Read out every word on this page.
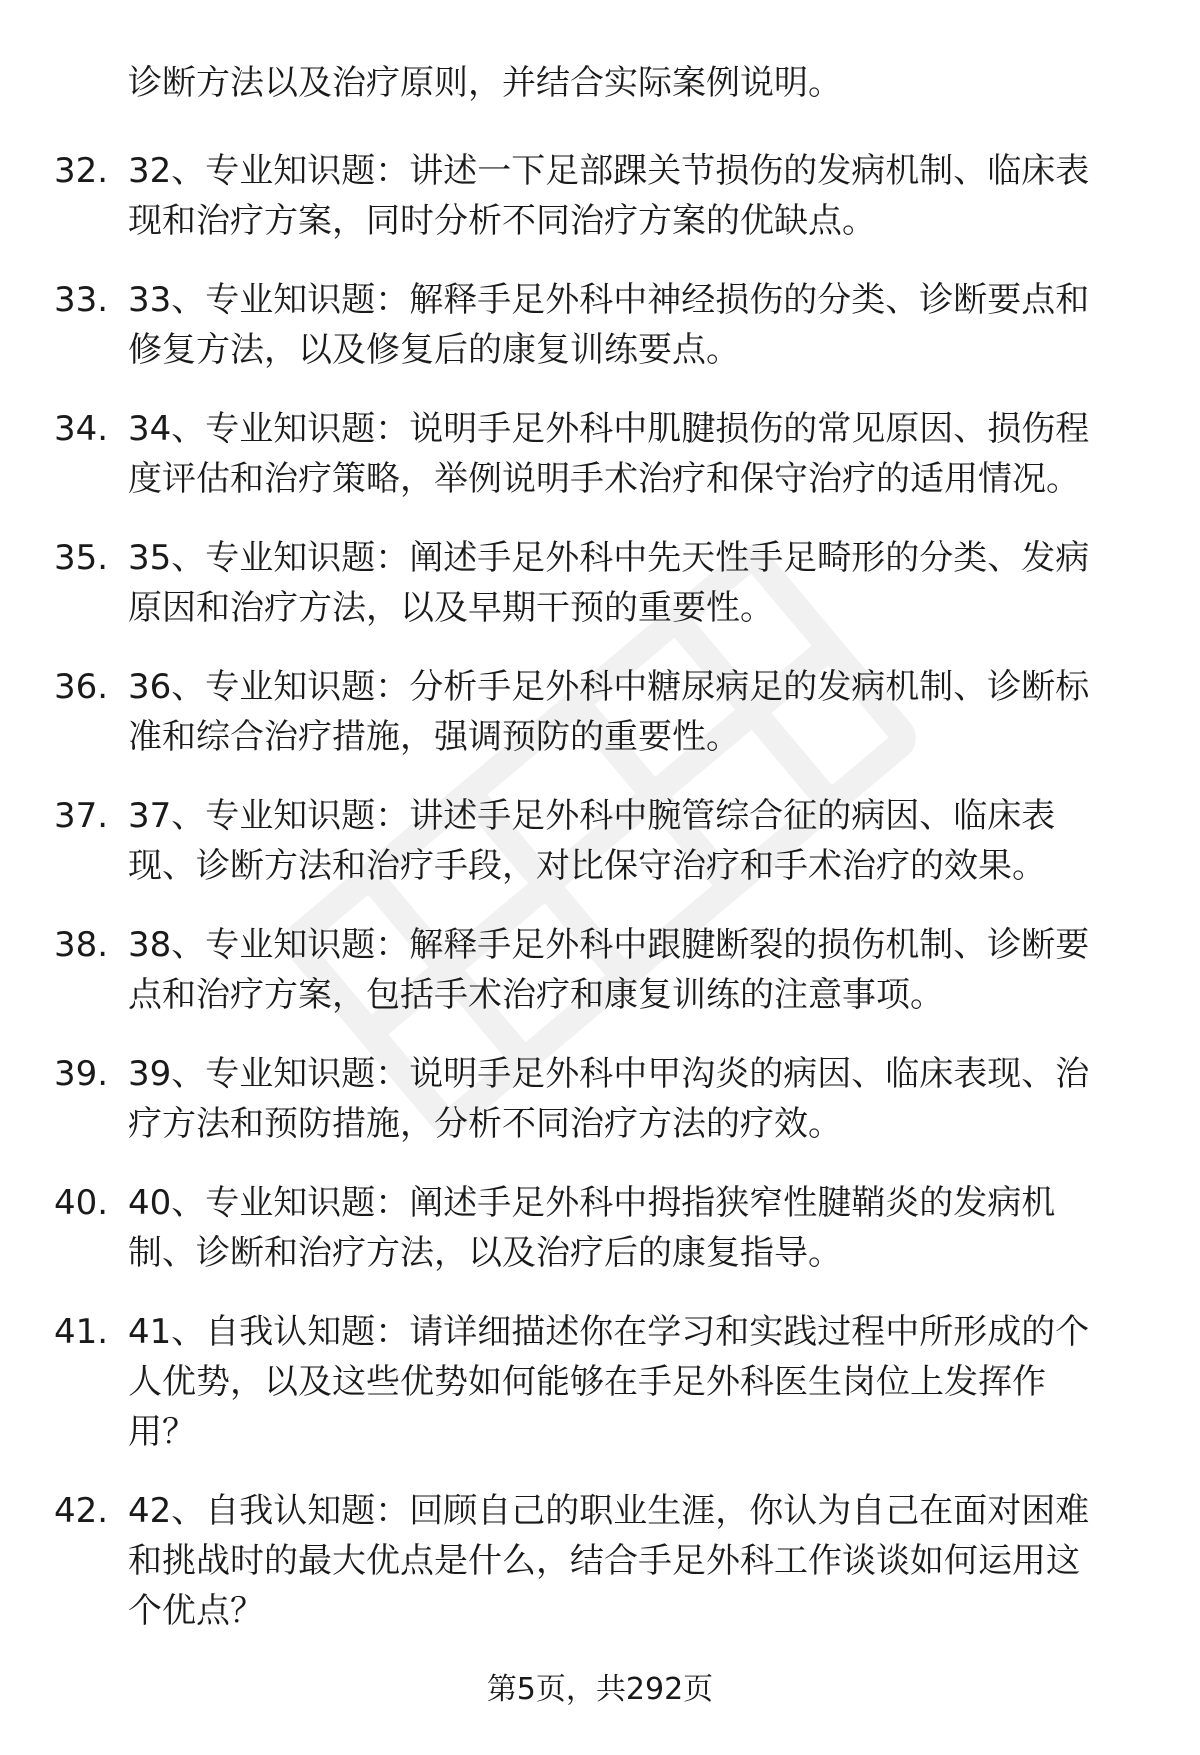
诊断方法以及治疗原则，并结合实际案例说明。
32. 32、专业知识题：讲述一下足部踝关节损伤的发病机制、临床表
现和治疗方案，同时分析不同治疗方案的优缺点。
33. 33、专业知识题：解释手足外科中神经损伤的分类、诊断要点和
修复方法，以及修复后的康复训练要点。
34. 34、专业知识题：说明手足外科中肌腱损伤的常见原因、损伤程
度评估和治疗策略，举例说明手术治疗和保守治疗的适用情况。
35. 35、专业知识题：阐述手足外科中先天性手足畸形的分类、发病
原因和治疗方法，以及早期干预的重要性。
36. 36、专业知识题：分析手足外科中糖尿病足的发病机制、诊断标
准和综合治疗措施，强调预防的重要性。
37. 37、专业知识题：讲述手足外科中腕管综合征的病因、临床表
现、诊断方法和治疗手段，对比保守治疗和手术治疗的效果。
38. 38、专业知识题：解释手足外科中跟腱断裂的损伤机制、诊断要
点和治疗方案，包括手术治疗和康复训练的注意事项。
39. 39、专业知识题：说明手足外科中甲沟炎的病因、临床表现、治
疗方法和预防措施，分析不同治疗方法的疗效。
40. 40、专业知识题：阐述手足外科中拇指狭窄性腱鞘炎的发病机
制、诊断和治疗方法，以及治疗后的康复指导。
41. 41、自我认知题：请详细描述你在学习和实践过程中所形成的个
人优势，以及这些优势如何能够在手足外科医生岗位上发挥作
用？
42. 42、自我认知题：回顾自己的职业生涯，你认为自己在面对困难
和挑战时的最大优点是什么，结合手足外科工作谈谈如何运用这
个优点？
第5页，共292页
